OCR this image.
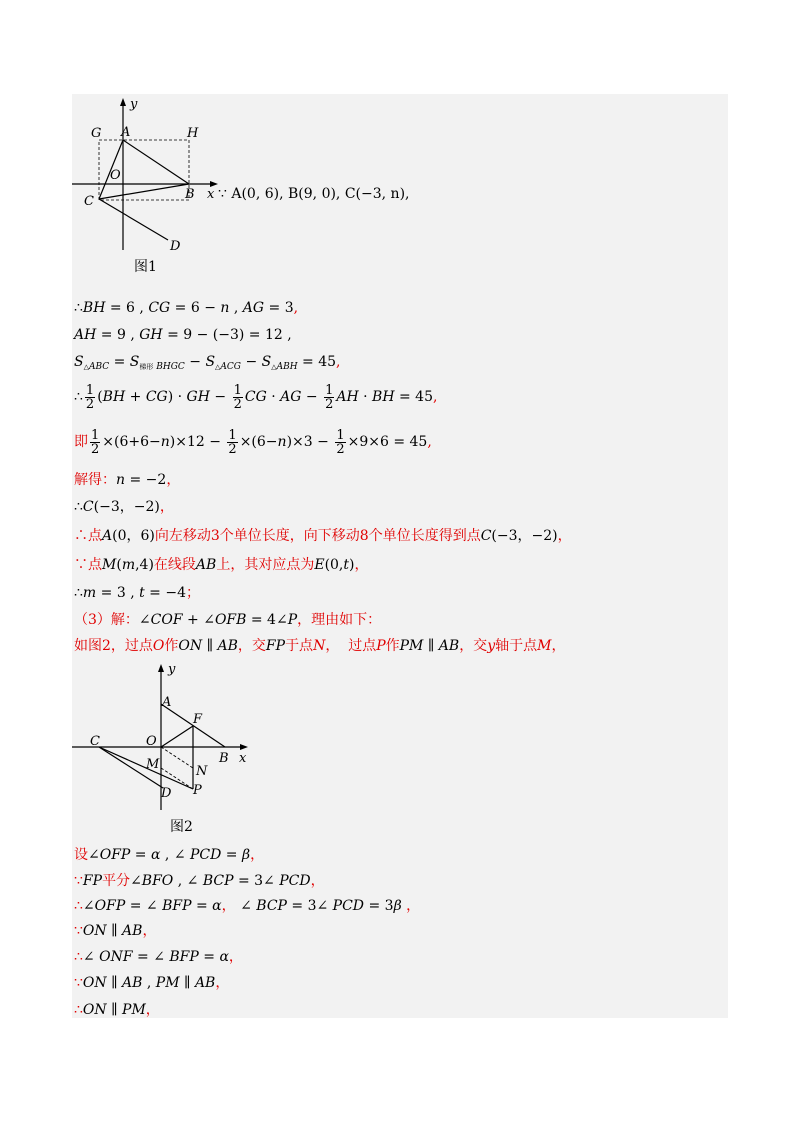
y
G A	H
O
B x
C
D
图1
∵ A(0, 6), B(9, 0), C(−3, n),
∴BH = 6 , CG = 6 − n , AG = 3,
AH = 9 , GH = 9 − (−3) = 12 ,
$S_{\triangle ABC} = S_{梯形}$ $_{BHGC} - S_{\triangle ACG} - S_{\triangle ABH} = 45$,
∴ $\frac{1}{2} (BH + CG)$ · GH − $\frac{1}{2}$ CG · AG − $\frac{1}{2}$ AH · BH = 45,
即 $\frac{1}{2} \times(6+6-n)\times 12 - \frac{1}{2} \times(6-n)\times 3 - \frac{1}{2} \times 9\times 6 = 45$,
解得：n = −2，
∴C(−3，−2)，
∴点A(0，6)向左移动3个单位长度，向下移动8个单位长度得到点C(−3，−2)，
∵点M(m,4)在线段AB上，其对应点为E(0,t)，
∴m = 3 , t = −4；
（3）解：∠COF + ∠OFB = 4∠P，理由如下：
如图2，过点O作ON ∥ AB，交FP于点N，  过点P作PM ∥ AB，交y轴于点M，
y
A
F
C	O
B x
M	N
D P
图2
设∠OFP = α , ∠ PCD = β，
∵FP平分∠BFO , ∠ BCP = 3∠ PCD，
∴∠OFP = ∠ BFP = α， ∠ BCP = 3∠ PCD = 3β ，
∵ON ∥ AB，
∴∠ ONF = ∠ BFP = α，
∵ON ∥ AB , PM ∥ AB，
∴ON ∥ PM，
